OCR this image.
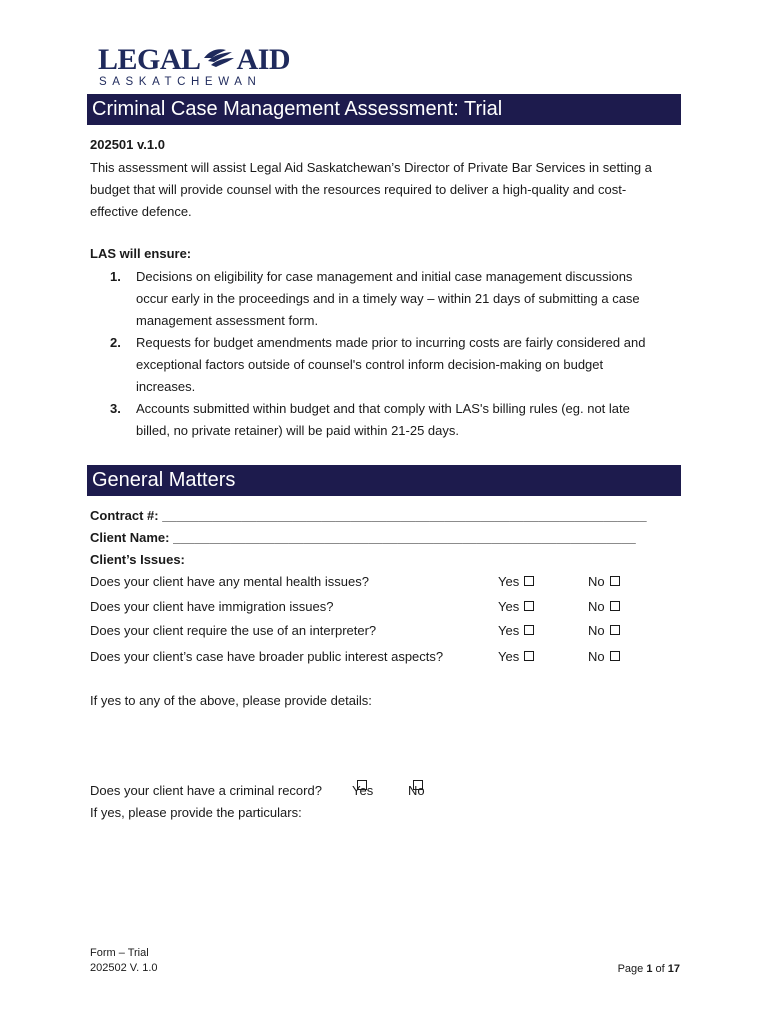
LEGAL AID
SASKATCHEWAN
Criminal Case Management Assessment: Trial
202501 v.1.0
This assessment will assist Legal Aid Saskatchewan’s Director of Private Bar Services in setting a
budget that will provide counsel with the resources required to deliver a high-quality and cost-
effective defence.
LAS will ensure:
1. Decisions on eligibility for case management and initial case management discussions
occur early in the proceedings and in a timely way – within 21 days of submitting a case
management assessment form.
2. Requests for budget amendments made prior to incurring costs are fairly considered and
exceptional factors outside of counsel's control inform decision-making on budget
increases.
3. Accounts submitted within budget and that comply with LAS's billing rules (eg. not late
billed, no private retainer) will be paid within 21-25 days.
General Matters
Contract #: ___________________________________________________________________
Client Name: ________________________________________________________________
Client’s Issues:
Does your client have any mental health issues?	Yes	No
Does your client have immigration issues?	Yes	No
Does your client require the use of an interpreter?	Yes	No
Does your client’s case have broader public interest aspects?	Yes	No
If yes to any of the above, please provide details:
Does your client have a criminal record? Yes	No
If yes, please provide the particulars:
Form – Trial
202502 V. 1.0	Page 1 of 17
